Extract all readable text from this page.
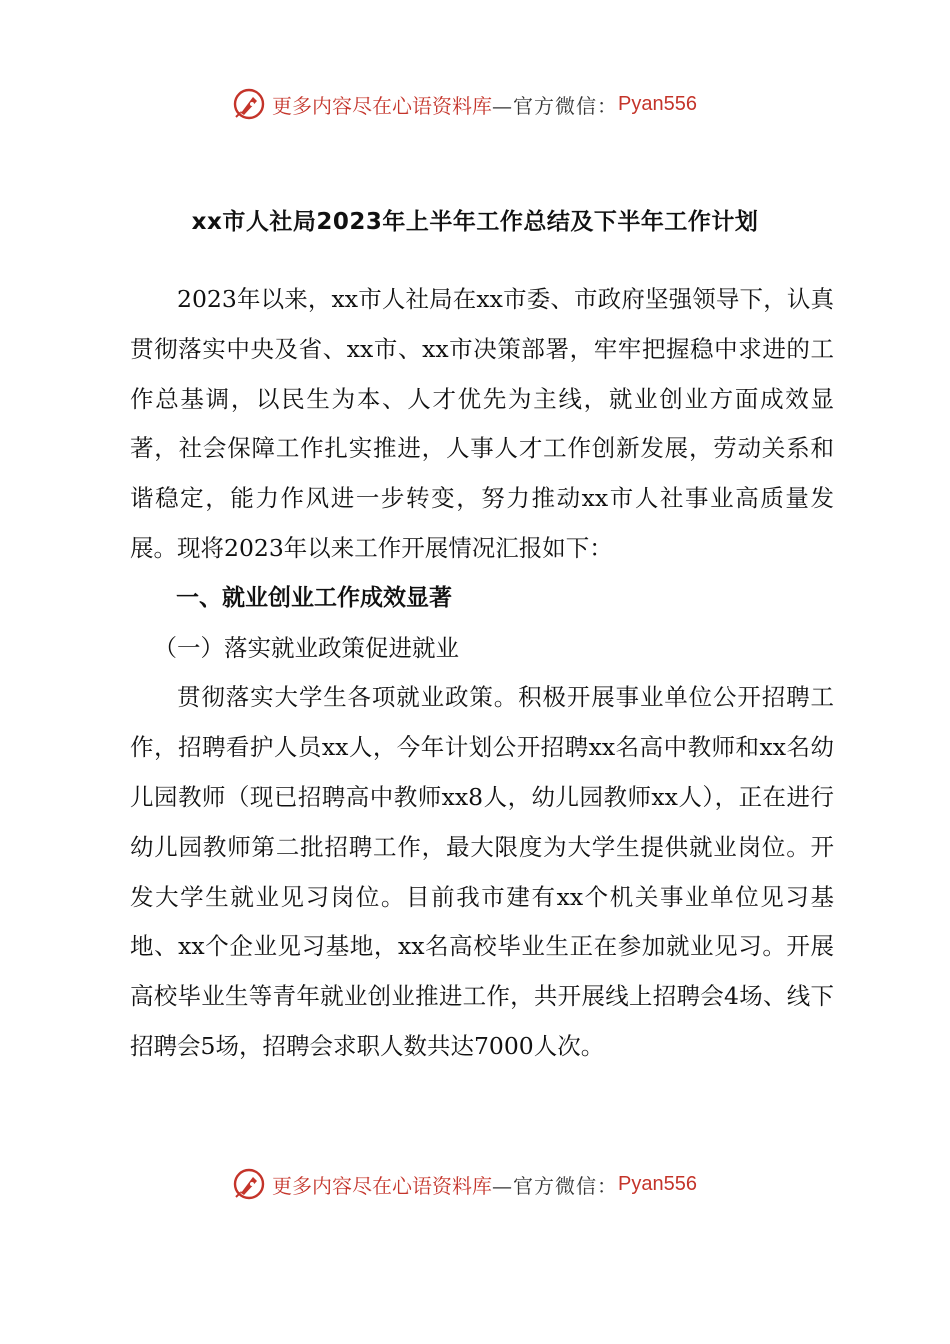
更多内容尽在心语资料库 —官方微信： Pyan556
xx市人社局2023年上半年工作总结及下半年工作计划

2023年以来，xx市人社局在xx市委、市政府坚强领导下，认真贯彻落实中央及省、xx市、xx市决策部署，牢牢把握稳中求进的工作总基调，以民生为本、人才优先为主线，就业创业方面成效显著，社会保障工作扎实推进，人事人才工作创新发展，劳动关系和谐稳定，能力作风进一步转变，努力推动xx市人社事业高质量发展。现将2023年以来工作开展情况汇报如下：

一、就业创业工作成效显著

（一）落实就业政策促进就业

贯彻落实大学生各项就业政策。积极开展事业单位公开招聘工作，招聘看护人员xx人，今年计划公开招聘xx名高中教师和xx名幼儿园教师（现已招聘高中教师xx8人，幼儿园教师xx人），正在进行幼儿园教师第二批招聘工作，最大限度为大学生提供就业岗位。开发大学生就业见习岗位。目前我市建有xx个机关事业单位见习基地、xx个企业见习基地，xx名高校毕业生正在参加就业见习。开展高校毕业生等青年就业创业推进工作，共开展线上招聘会4场、线下招聘会5场，招聘会求职人数共达7000人次。

更多内容尽在心语资料库 —官方微信： Pyan556
